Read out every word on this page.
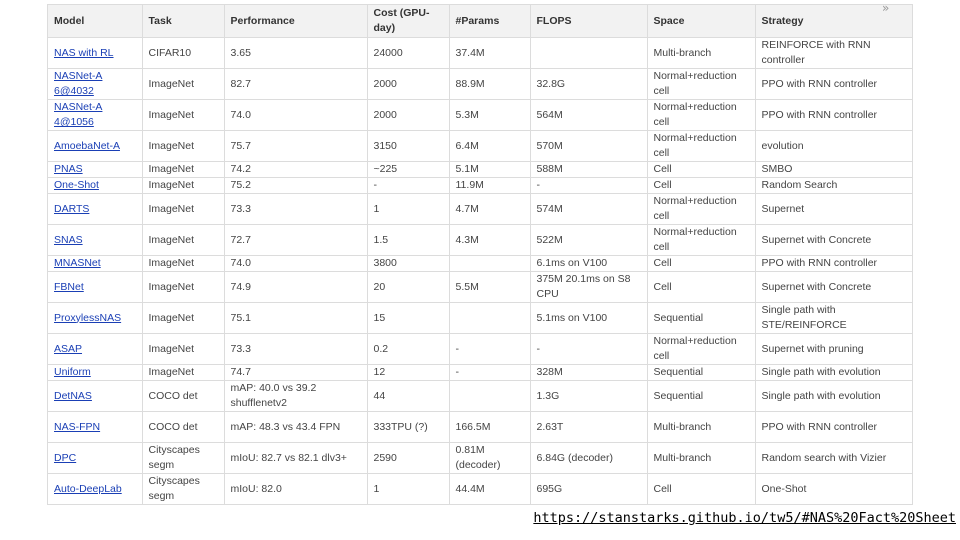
Model	Task	Performance	Cost (GPU-day)	#Params	FLOPS	Space	Strategy
NAS with RL	CIFAR10	3.65	24000	37.4M		Multi-branch	REINFORCE with RNN controller
NASNet-A 6@4032	ImageNet	82.7	2000	88.9M	32.8G	Normal+reduction cell	PPO with RNN controller
NASNet-A 4@1056	ImageNet	74.0	2000	5.3M	564M	Normal+reduction cell	PPO with RNN controller
AmoebaNet-A	ImageNet	75.7	3150	6.4M	570M	Normal+reduction cell	evolution
PNAS	ImageNet	74.2	~225	5.1M	588M	Cell	SMBO
One-Shot	ImageNet	75.2	-	11.9M	-	Cell	Random Search
DARTS	ImageNet	73.3	1	4.7M	574M	Normal+reduction cell	Supernet
SNAS	ImageNet	72.7	1.5	4.3M	522M	Normal+reduction cell	Supernet with Concrete
MNASNet	ImageNet	74.0	3800		6.1ms on V100	Cell	PPO with RNN controller
FBNet	ImageNet	74.9	20	5.5M	375M 20.1ms on S8 CPU	Cell	Supernet with Concrete
ProxylessNAS	ImageNet	75.1	15		5.1ms on V100	Sequential	Single path with STE/REINFORCE
ASAP	ImageNet	73.3	0.2	-	-	Normal+reduction cell	Supernet with pruning
Uniform	ImageNet	74.7	12	-	328M	Sequential	Single path with evolution
DetNAS	COCO det	mAP: 40.0 vs 39.2 shufflenetv2	44		1.3G	Sequential	Single path with evolution
NAS-FPN	COCO det	mAP: 48.3 vs 43.4 FPN	333TPU (?)	166.5M	2.63T	Multi-branch	PPO with RNN controller
DPC	Cityscapes segm	mIoU: 82.7 vs 82.1 dlv3+	2590	0.81M (decoder)	6.84G (decoder)	Multi-branch	Random search with Vizier
Auto-DeepLab	Cityscapes segm	mIoU: 82.0	1	44.4M	695G	Cell	One-Shot
»
https://stanstarks.github.io/tw5/#NAS%20Fact%20Sheet
